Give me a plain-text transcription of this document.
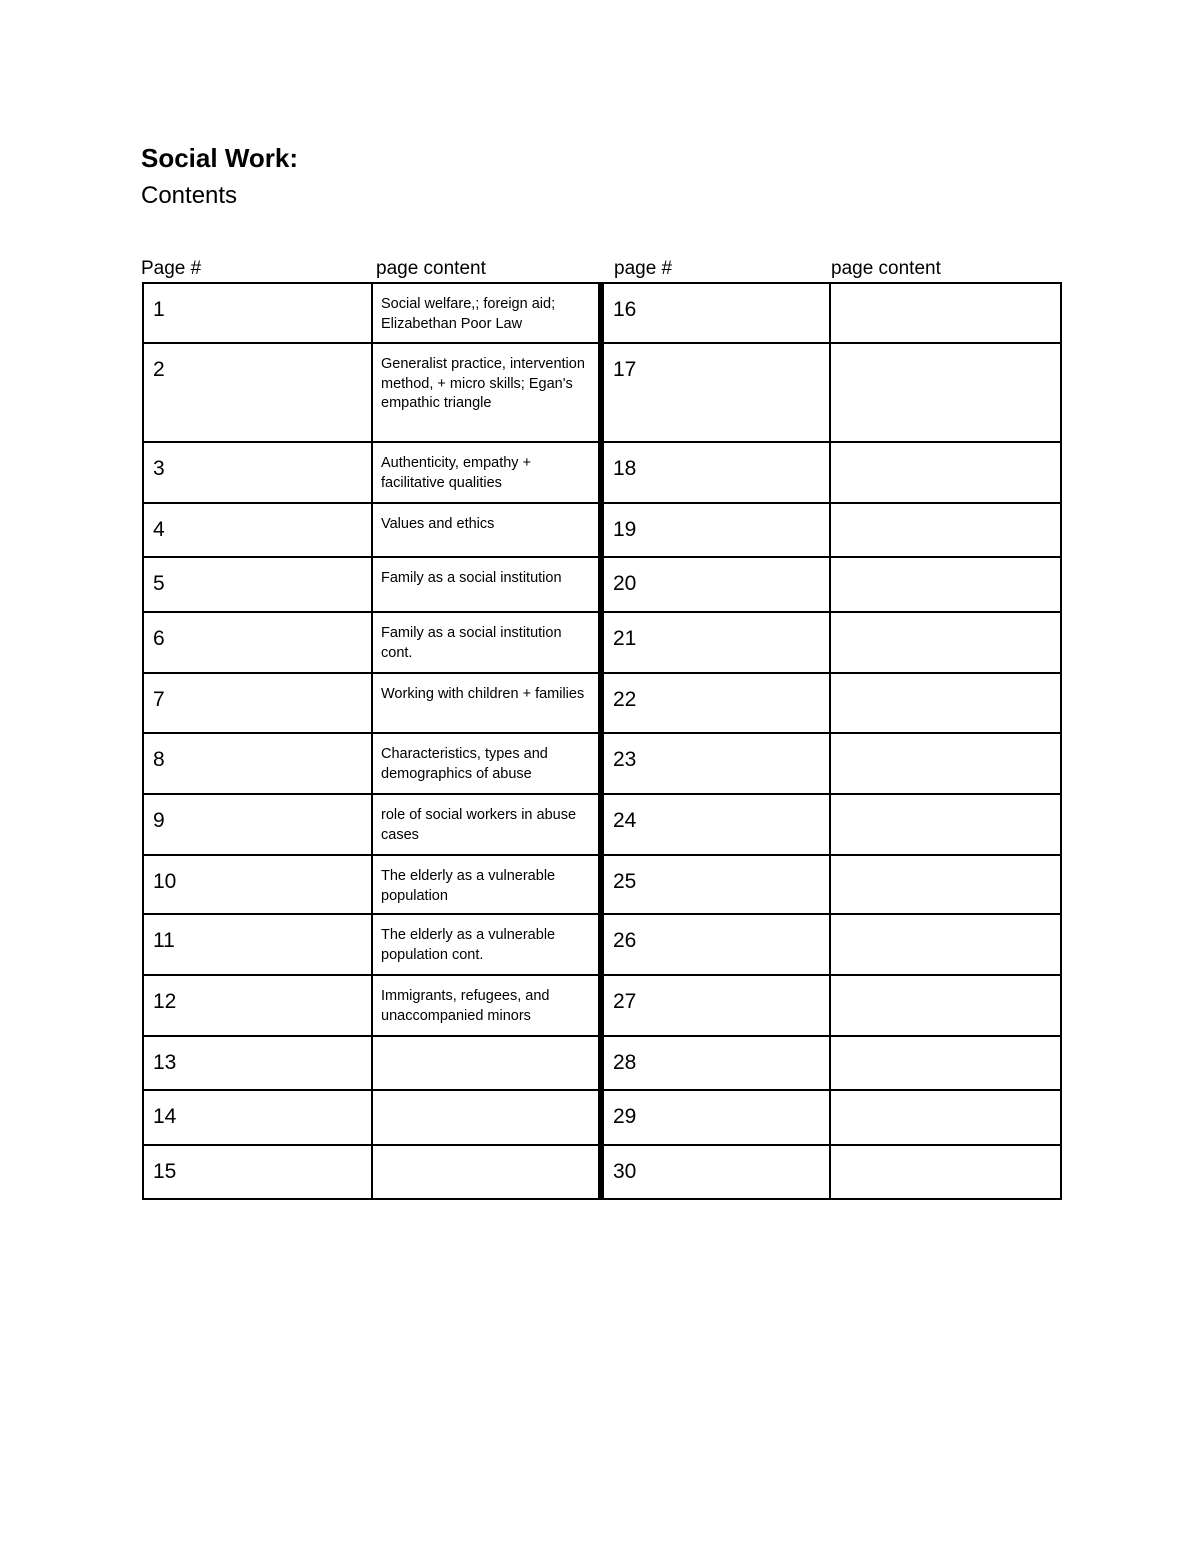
Social Work:
Contents
Page #	page content	page #	page content
1	Social welfare,; foreign aid; Elizabethan Poor Law	16	
2	Generalist practice, intervention method, + micro skills; Egan's empathic triangle	17	
3	Authenticity, empathy + facilitative qualities	18	
4	Values and ethics	19	
5	Family as a social institution	20	
6	Family as a social institution cont.	21	
7	Working with children + families	22	
8	Characteristics, types and demographics of abuse	23	
9	role of social workers in abuse cases	24	
10	The elderly as a vulnerable population	25	
11	The elderly as a vulnerable population cont.	26	
12	Immigrants, refugees, and unaccompanied minors	27	
13		28	
14		29	
15		30	
